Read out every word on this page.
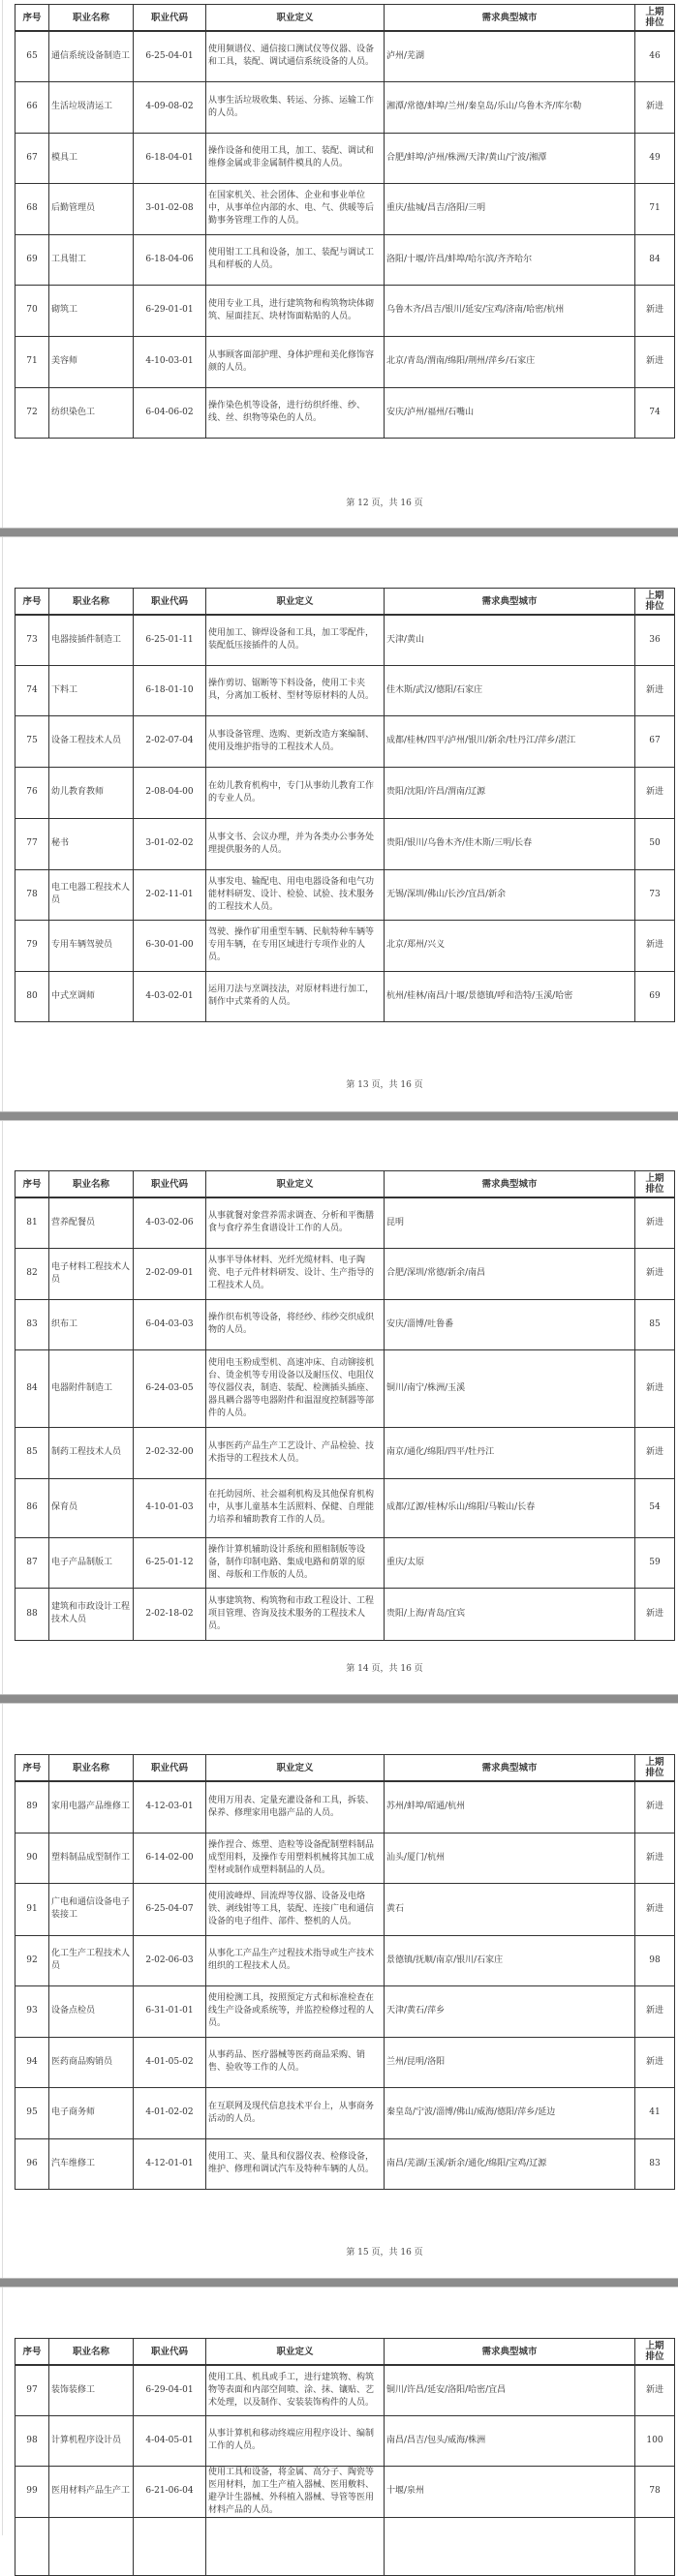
序号	职业名称	职业代码	职业定义	需求典型城市	上期排位
65	通信系统设备制造工	6-25-04-01	使用频谱仪、通信接口测试仪等仪器、设备和工具，装配、调试通信系统设备的人员。	泸州/芜湖	46
66	生活垃圾清运工	4-09-08-02	从事生活垃圾收集、转运、分拣、运输工作的人员。	湘潭/常德/蚌埠/兰州/秦皇岛/乐山/乌鲁木齐/库尔勒	新进
67	模具工	6-18-04-01	操作设备和使用工具，加工、装配、调试和维修金属或非金属制件模具的人员。	合肥/蚌埠/泸州/株洲/天津/黄山/宁波/湘潭	49
68	后勤管理员	3-01-02-08	在国家机关、社会团体、企业和事业单位中，从事单位内部的水、电、气、供暖等后勤事务管理工作的人员。	重庆/盐城/昌吉/洛阳/三明	71
69	工具钳工	6-18-04-06	使用钳工工具和设备，加工、装配与调试工具和样板的人员。	洛阳/十堰/许昌/蚌埠/哈尔滨/齐齐哈尔	84
70	砌筑工	6-29-01-01	使用专业工具，进行建筑物和构筑物块体砌筑、屋面挂瓦、块材饰面粘贴的人员。	乌鲁木齐/昌吉/银川/延安/宝鸡/济南/哈密/杭州	新进
71	美容师	4-10-03-01	从事顾客面部护理、身体护理和美化修饰容颜的人员。	北京/青岛/渭南/绵阳/荆州/萍乡/石家庄	新进
72	纺织染色工	6-04-06-02	操作染色机等设备，进行纺织纤维、纱、线、丝、织物等染色的人员。	安庆/泸州/福州/石嘴山	74
第 12 页，共 16 页
序号	职业名称	职业代码	职业定义	需求典型城市	上期排位
73	电器接插件制造工	6-25-01-11	使用加工、铆焊设备和工具，加工零配件，装配低压接插件的人员。	天津/黄山	36
74	下料工	6-18-01-10	操作剪切、锯断等下料设备，使用工卡夹具，分离加工板材、型材等原材料的人员。	佳木斯/武汉/德阳/石家庄	新进
75	设备工程技术人员	2-02-07-04	从事设备管理、选购、更新改造方案编制、使用及维护指导的工程技术人员。	成都/桂林/四平/泸州/银川/新余/牡丹江/萍乡/湛江	67
76	幼儿教育教师	2-08-04-00	在幼儿教育机构中，专门从事幼儿教育工作的专业人员。	贵阳/沈阳/许昌/渭南/辽源	新进
77	秘书	3-01-02-02	从事文书、会议办理，并为各类办公事务处理提供服务的人员。	贵阳/银川/乌鲁木齐/佳木斯/三明/长春	50
78	电工电器工程技术人员	2-02-11-01	从事发电、输配电、用电电器设备和电气功能材料研发、设计、检验、试验、技术服务的工程技术人员。	无锡/深圳/佛山/长沙/宜昌/新余	73
79	专用车辆驾驶员	6-30-01-00	驾驶、操作矿用重型车辆、民航特种车辆等专用车辆，在专用区域进行专项作业的人员。	北京/郑州/兴义	新进
80	中式烹调师	4-03-02-01	运用刀法与烹调技法，对原材料进行加工，制作中式菜肴的人员。	杭州/桂林/南昌/十堰/景德镇/呼和浩特/玉溪/哈密	69
第 13 页，共 16 页
序号	职业名称	职业代码	职业定义	需求典型城市	上期排位
81	营养配餐员	4-03-02-06	从事就餐对象营养需求调查、分析和平衡膳食与食疗养生食谱设计工作的人员。	昆明	新进
82	电子材料工程技术人员	2-02-09-01	从事半导体材料、光纤光缆材料、电子陶瓷、电子元件材料研发、设计、生产指导的工程技术人员。	合肥/深圳/常德/新余/南昌	新进
83	织布工	6-04-03-03	操作织布机等设备，将经纱、纬纱交织成织物的人员。	安庆/淄博/吐鲁番	85
84	电器附件制造工	6-24-03-05	使用电玉粉成型机、高速冲床、自动铆接机台、烫金机等专用设备以及耐压仪、电阻仪等仪器仪表，制造、装配、检测插头插座、器具耦合器等电器附件和温湿度控制器等部件的人员。	铜川/南宁/株洲/玉溪	新进
85	制药工程技术人员	2-02-32-00	从事医药产品生产工艺设计、产品检验、技术指导的工程技术人员。	南京/通化/绵阳/四平/牡丹江	新进
86	保育员	4-10-01-03	在托幼园所、社会福利机构及其他保育机构中，从事儿童基本生活照料、保健、自理能力培养和辅助教育工作的人员。	成都/辽源/桂林/乐山/绵阳/马鞍山/长春	54
87	电子产品制版工	6-25-01-12	操作计算机辅助设计系统和照相制版等设备，制作印制电路、集成电路和荫罩的原图、母版和工作版的人员。	重庆/太原	59
88	建筑和市政设计工程技术人员	2-02-18-02	从事建筑物、构筑物和市政工程设计、工程项目管理、咨询及技术服务的工程技术人员。	贵阳/上海/青岛/宜宾	新进
第 14 页，共 16 页
序号	职业名称	职业代码	职业定义	需求典型城市	上期排位
89	家用电器产品维修工	4-12-03-01	使用万用表、定量充灌设备和工具，拆装、保养、修理家用电器产品的人员。	苏州/蚌埠/昭通/杭州	新进
90	塑料制品成型制作工	6-14-02-00	操作捏合、炼塑、造粒等设备配制塑料制品成型用料，及操作专用塑料机械将其加工成型材或制作成塑料制品的人员。	汕头/厦门/杭州	新进
91	广电和通信设备电子装接工	6-25-04-07	使用波峰焊、回流焊等仪器、设备及电烙铁、剥线钳等工具，装配、连接广电和通信设备的电子组件、部件、整机的人员。	黄石	新进
92	化工生产工程技术人员	2-02-06-03	从事化工产品生产过程技术指导或生产技术组织的工程技术人员。	景德镇/抚顺/南京/银川/石家庄	98
93	设备点检员	6-31-01-01	使用检测工具，按照预定方式和标准检查在线生产设备或系统等，并监控检修过程的人员。	天津/黄石/萍乡	新进
94	医药商品购销员	4-01-05-02	从事药品、医疗器械等医药商品采购、销售、验收等工作的人员。	兰州/昆明/洛阳	新进
95	电子商务师	4-01-02-02	在互联网及现代信息技术平台上，从事商务活动的人员。	秦皇岛/宁波/淄博/佛山/威海/德阳/萍乡/延边	41
96	汽车维修工	4-12-01-01	使用工、夹、量具和仪器仪表、检修设备，维护、修理和调试汽车及特种车辆的人员。	南昌/芜湖/玉溪/新余/通化/绵阳/宝鸡/辽源	83
第 15 页，共 16 页
序号	职业名称	职业代码	职业定义	需求典型城市	上期排位
97	装饰装修工	6-29-04-01	使用工具、机具或手工，进行建筑物、构筑物等表面和内部空间喷、涂、抹、镶贴、艺术处理，以及制作、安装装饰构件的人员。	铜川/许昌/延安/洛阳/哈密/宜昌	新进
98	计算机程序设计员	4-04-05-01	从事计算机和移动终端应用程序设计、编制工作的人员。	南昌/昌吉/包头/威海/株洲	100
99	医用材料产品生产工	6-21-06-04	使用工具和设备，将金属、高分子、陶瓷等医用材料，加工生产植入器械、医用敷料、避孕计生器械、外科植入器械、导管等医用材料产品的人员。	十堰/泉州	78
